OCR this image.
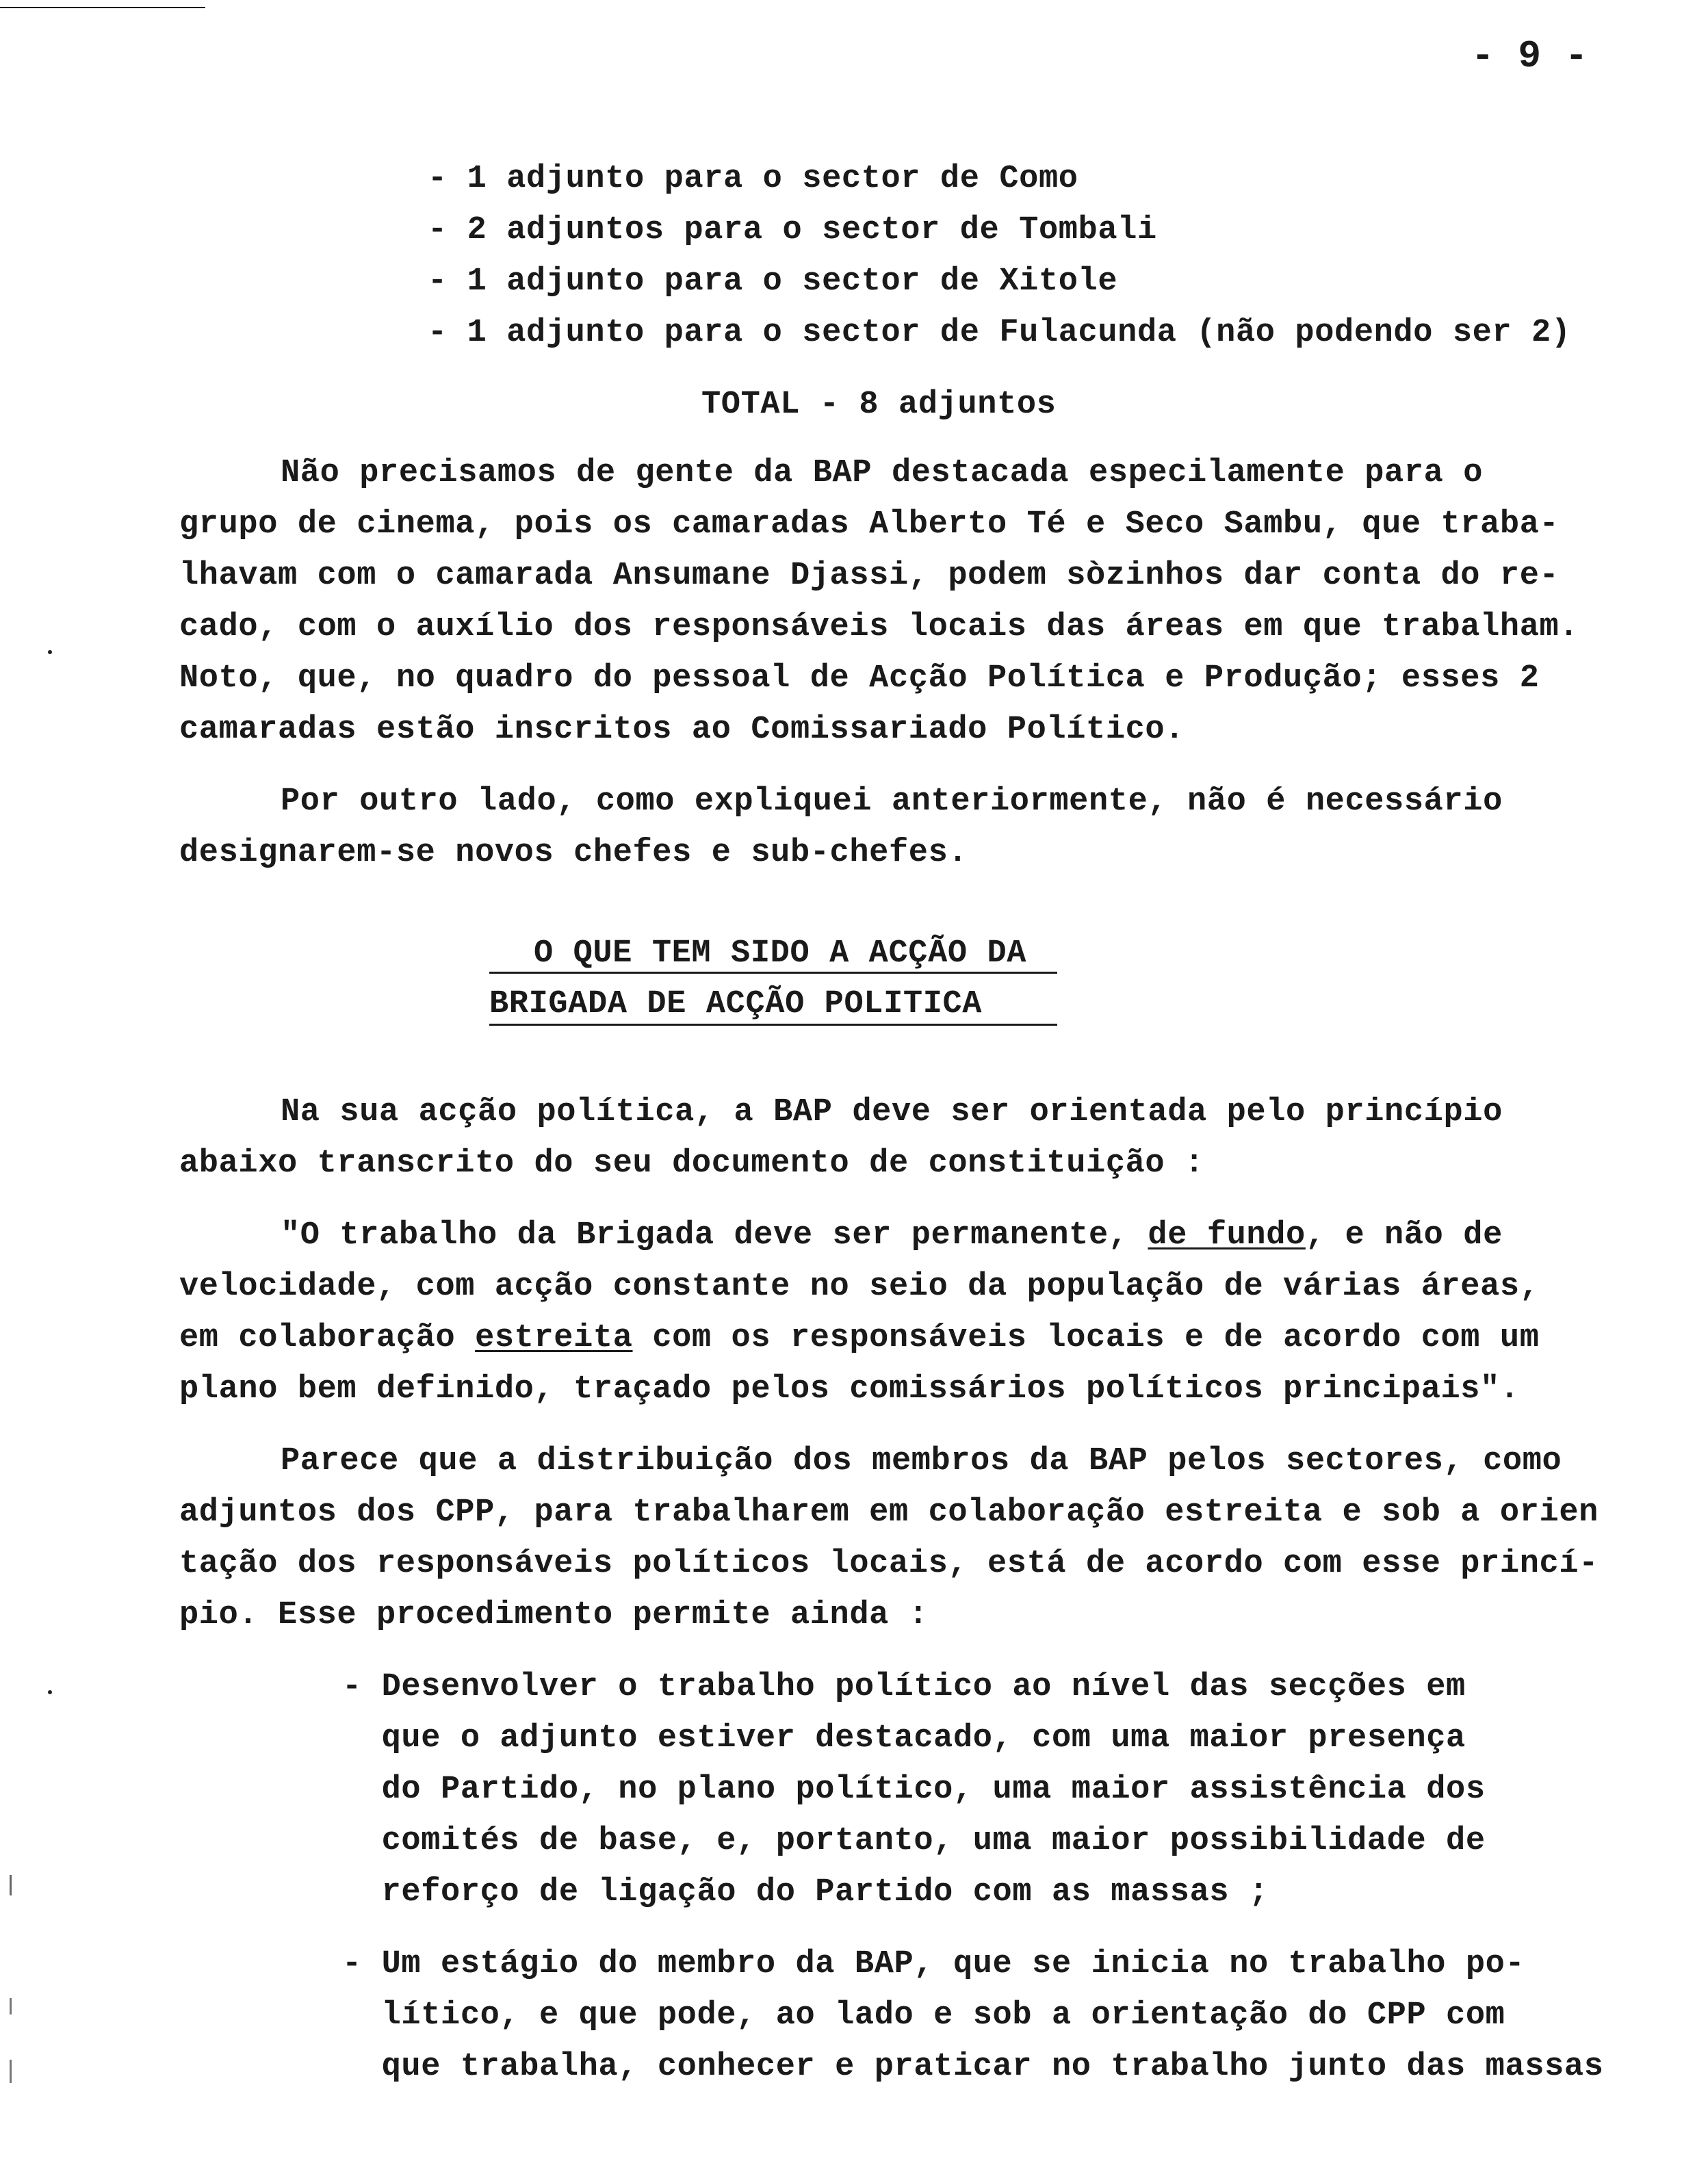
- 9 -
- 1 adjunto para o sector de Como
- 2 adjuntos para o sector de Tombali
- 1 adjunto para o sector de Xitole
- 1 adjunto para o sector de Fulacunda (não podendo ser 2)
TOTAL - 8 adjuntos
Não precisamos de gente da BAP destacada especilamente para o
grupo de cinema, pois os camaradas Alberto Té e Seco Sambu, que traba-
lhavam com o camarada Ansumane Djassi, podem sòzinhos dar conta do re-
cado, com o auxílio dos responsáveis locais das áreas em que trabalham.
Noto, que, no quadro do pessoal de Acção Política e Produção; esses 2
camaradas estão inscritos ao Comissariado Político.
Por outro lado, como expliquei anteriormente, não é necessário
designarem-se novos chefes e sub-chefes.
O QUE TEM SIDO A ACÇÃO DA
BRIGADA DE ACÇÃO POLITICA
Na sua acção política, a BAP deve ser orientada pelo princípio
abaixo transcrito do seu documento de constituição :
"O trabalho da Brigada deve ser permanente, de fundo, e não de
velocidade, com acção constante no seio da população de várias áreas,
em colaboração estreita com os responsáveis locais e de acordo com um
plano bem definido, traçado pelos comissários políticos principais".
Parece que a distribuição dos membros da BAP pelos sectores, como
adjuntos dos CPP, para trabalharem em colaboração estreita e sob a orien
tação dos responsáveis políticos locais, está de acordo com esse princí-
pio. Esse procedimento permite ainda :
- Desenvolver o trabalho político ao nível das secções em
que o adjunto estiver destacado, com uma maior presença
do Partido, no plano político, uma maior assistência dos
comités de base, e, portanto, uma maior possibilidade de
reforço de ligação do Partido com as massas ;
- Um estágio do membro da BAP, que se inicia no trabalho po-
lítico, e que pode, ao lado e sob a orientação do CPP com
que trabalha, conhecer e praticar no trabalho junto das massas
